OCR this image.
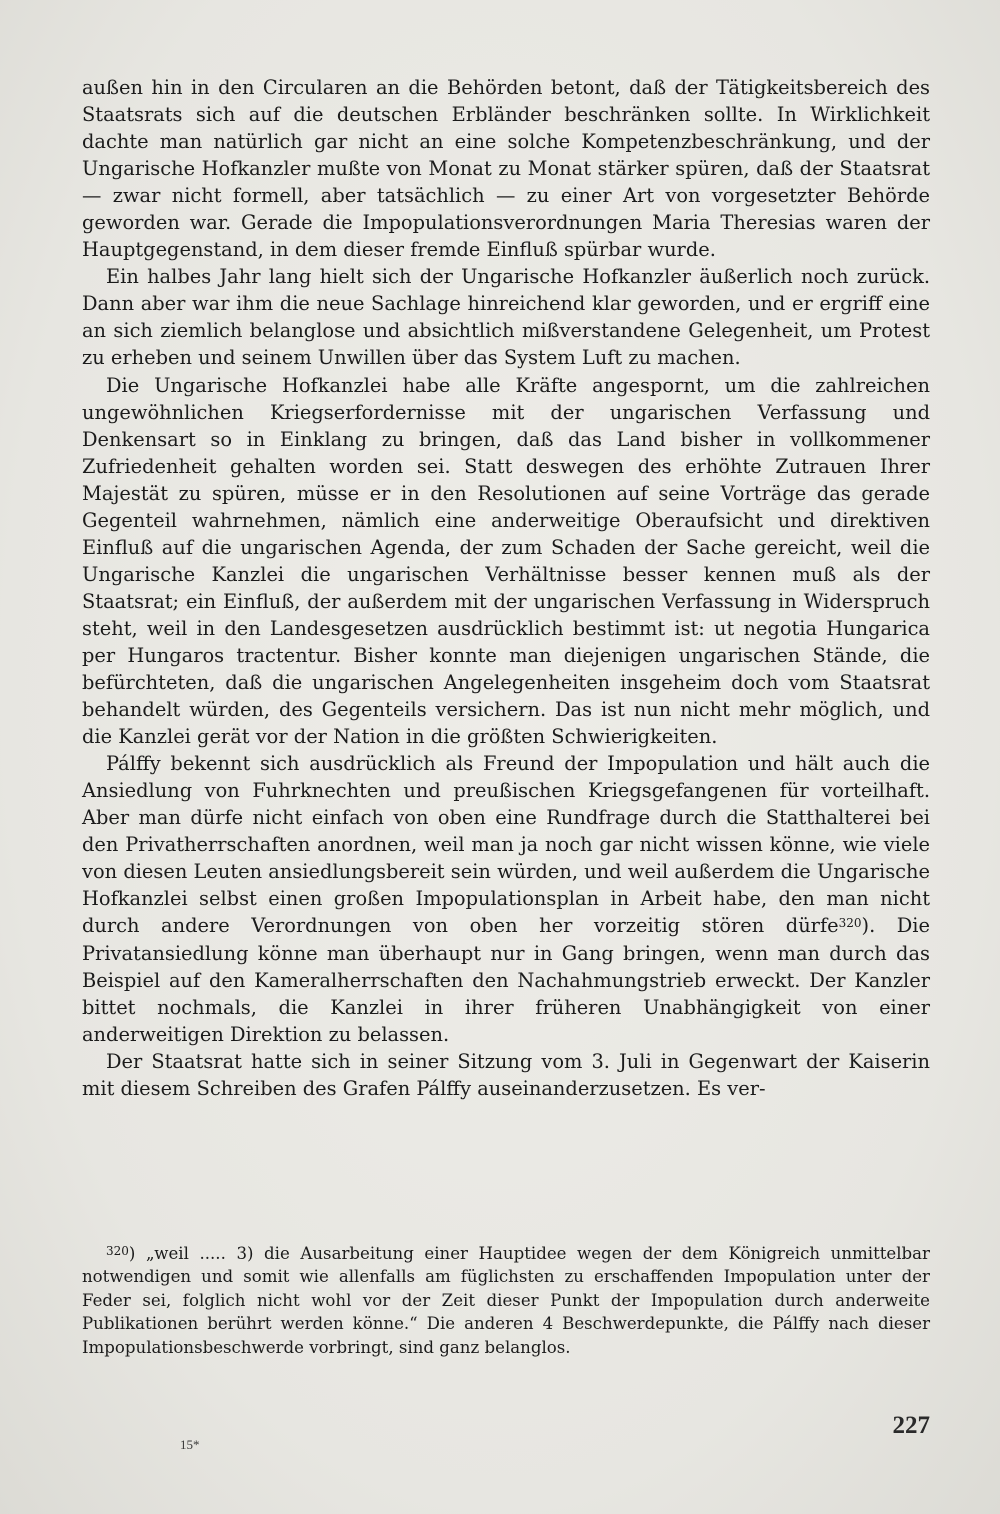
außen hin in den Circularen an die Behörden betont, daß der Tätigkeitsbereich des Staatsrats sich auf die deutschen Erbländer beschränken sollte. In Wirklichkeit dachte man natürlich gar nicht an eine solche Kompetenzbeschränkung, und der Ungarische Hofkanzler mußte von Monat zu Monat stärker spüren, daß der Staatsrat — zwar nicht formell, aber tatsächlich — zu einer Art von vorgesetzter Behörde geworden war. Gerade die Impopulationsverordnungen Maria Theresias waren der Hauptgegenstand, in dem dieser fremde Einfluß spürbar wurde.

Ein halbes Jahr lang hielt sich der Ungarische Hofkanzler äußerlich noch zurück. Dann aber war ihm die neue Sachlage hinreichend klar geworden, und er ergriff eine an sich ziemlich belanglose und absichtlich mißverstandene Gelegenheit, um Protest zu erheben und seinem Unwillen über das System Luft zu machen.

Die Ungarische Hofkanzlei habe alle Kräfte angespornt, um die zahlreichen ungewöhnlichen Kriegserfordernisse mit der ungarischen Verfassung und Denkensart so in Einklang zu bringen, daß das Land bisher in vollkommener Zufriedenheit gehalten worden sei. Statt deswegen des erhöhte Zutrauen Ihrer Majestät zu spüren, müsse er in den Resolutionen auf seine Vorträge das gerade Gegenteil wahrnehmen, nämlich eine anderweitige Oberaufsicht und direktiven Einfluß auf die ungarischen Agenda, der zum Schaden der Sache gereicht, weil die Ungarische Kanzlei die ungarischen Verhältnisse besser kennen muß als der Staatsrat; ein Einfluß, der außerdem mit der ungarischen Verfassung in Widerspruch steht, weil in den Landesgesetzen ausdrücklich bestimmt ist: ut negotia Hungarica per Hungaros tractentur. Bisher konnte man diejenigen ungarischen Stände, die befürchteten, daß die ungarischen Angelegenheiten insgeheim doch vom Staatsrat behandelt würden, des Gegenteils versichern. Das ist nun nicht mehr möglich, und die Kanzlei gerät vor der Nation in die größten Schwierigkeiten.

Pálffy bekennt sich ausdrücklich als Freund der Impopulation und hält auch die Ansiedlung von Fuhrknechten und preußischen Kriegsgefangenen für vorteilhaft. Aber man dürfe nicht einfach von oben eine Rundfrage durch die Statthalterei bei den Privatherrschaften anordnen, weil man ja noch gar nicht wissen könne, wie viele von diesen Leuten ansiedlungsbereit sein würden, und weil außerdem die Ungarische Hofkanzlei selbst einen großen Impopulationsplan in Arbeit habe, den man nicht durch andere Verordnungen von oben her vorzeitig stören dürfe$^{320}$). Die Privatansiedlung könne man überhaupt nur in Gang bringen, wenn man durch das Beispiel auf den Kameralherrschaften den Nachahmungstrieb erweckt. Der Kanzler bittet nochmals, die Kanzlei in ihrer früheren Unabhängigkeit von einer anderweitigen Direktion zu belassen.

Der Staatsrat hatte sich in seiner Sitzung vom 3. Juli in Gegenwart der Kaiserin mit diesem Schreiben des Grafen Pálffy auseinanderzusetzen. Es ver-

$^{320}$) „weil ..... 3) die Ausarbeitung einer Hauptidee wegen der dem Königreich unmittelbar notwendigen und somit wie allenfalls am füglichsten zu erschaffenden Impopulation unter der Feder sei, folglich nicht wohl vor der Zeit dieser Punkt der Impopulation durch anderweite Publikationen berührt werden könne.“ Die anderen 4 Beschwerdepunkte, die Pálffy nach dieser Impopulationsbeschwerde vorbringt, sind ganz belanglos.

15*
227
